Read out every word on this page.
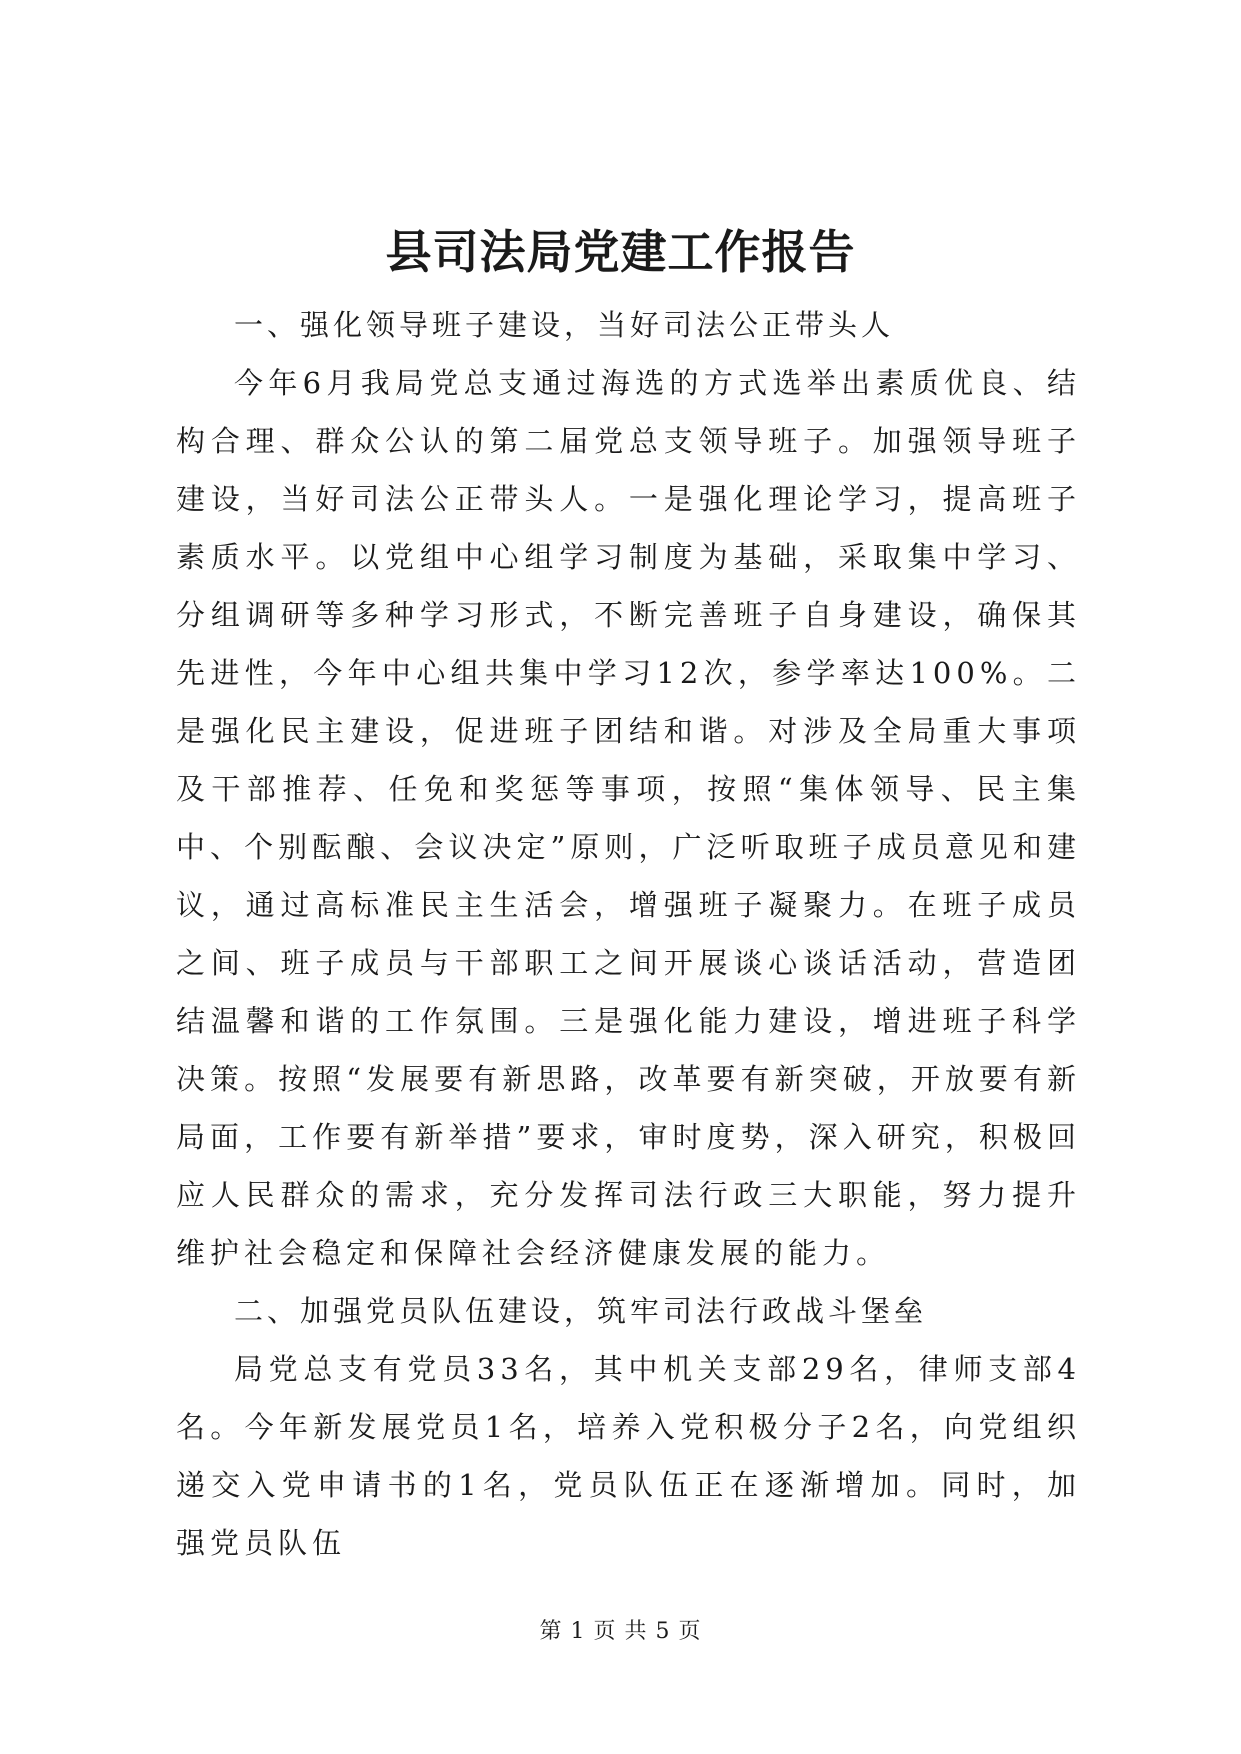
县司法局党建工作报告

一、强化领导班子建设，当好司法公正带头人

今年6月我局党总支通过海选的方式选举出素质优良、结构合理、群众公认的第二届党总支领导班子。加强领导班子建设，当好司法公正带头人。一是强化理论学习，提高班子素质水平。以党组中心组学习制度为基础，采取集中学习、分组调研等多种学习形式，不断完善班子自身建设，确保其先进性，今年中心组共集中学习12次，参学率达100%。二是强化民主建设，促进班子团结和谐。对涉及全局重大事项及干部推荐、任免和奖惩等事项，按照“集体领导、民主集中、个别酝酿、会议决定”原则，广泛听取班子成员意见和建议，通过高标准民主生活会，增强班子凝聚力。在班子成员之间、班子成员与干部职工之间开展谈心谈话活动，营造团结温馨和谐的工作氛围。三是强化能力建设，增进班子科学决策。按照“发展要有新思路，改革要有新突破，开放要有新局面，工作要有新举措”要求，审时度势，深入研究，积极回应人民群众的需求，充分发挥司法行政三大职能，努力提升维护社会稳定和保障社会经济健康发展的能力。

二、加强党员队伍建设，筑牢司法行政战斗堡垒

局党总支有党员33名，其中机关支部29名，律师支部4名。今年新发展党员1名，培养入党积极分子2名，向党组织递交入党申请书的1名，党员队伍正在逐渐增加。同时，加强党员队伍

第 1 页 共 5 页
